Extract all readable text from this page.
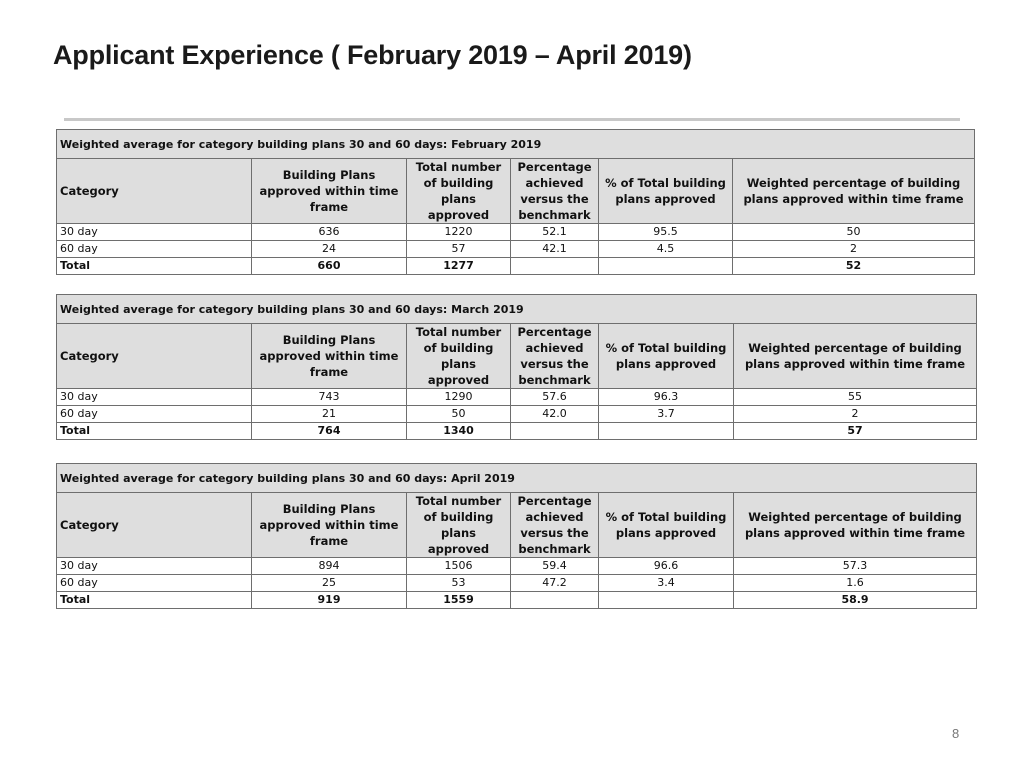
Applicant Experience ( February 2019 – April 2019)
Weighted average for category building plans 30 and 60 days: February 2019					
Category	Building Plans approved within time frame	Total number of building plans approved	Percentage achieved versus the benchmark	% of Total building plans approved	Weighted percentage of building plans approved within time frame
30 day	636	1220	52.1	95.5	50
60 day	24	57	42.1	4.5	2
Total	660	1277			52
Weighted average for category building plans 30 and 60 days: March 2019					
Category	Building Plans approved within time frame	Total number of building plans approved	Percentage achieved versus the benchmark	% of Total building plans approved	Weighted percentage of building plans approved within time frame
30 day	743	1290	57.6	96.3	55
60 day	21	50	42.0	3.7	2
Total	764	1340			57
Weighted average for category building plans 30 and 60 days: April 2019					
Category	Building Plans approved within time frame	Total number of building plans approved	Percentage achieved versus the benchmark	% of Total building plans approved	Weighted percentage of building plans approved within time frame
30 day	894	1506	59.4	96.6	57.3
60 day	25	53	47.2	3.4	1.6
Total	919	1559			58.9
8
